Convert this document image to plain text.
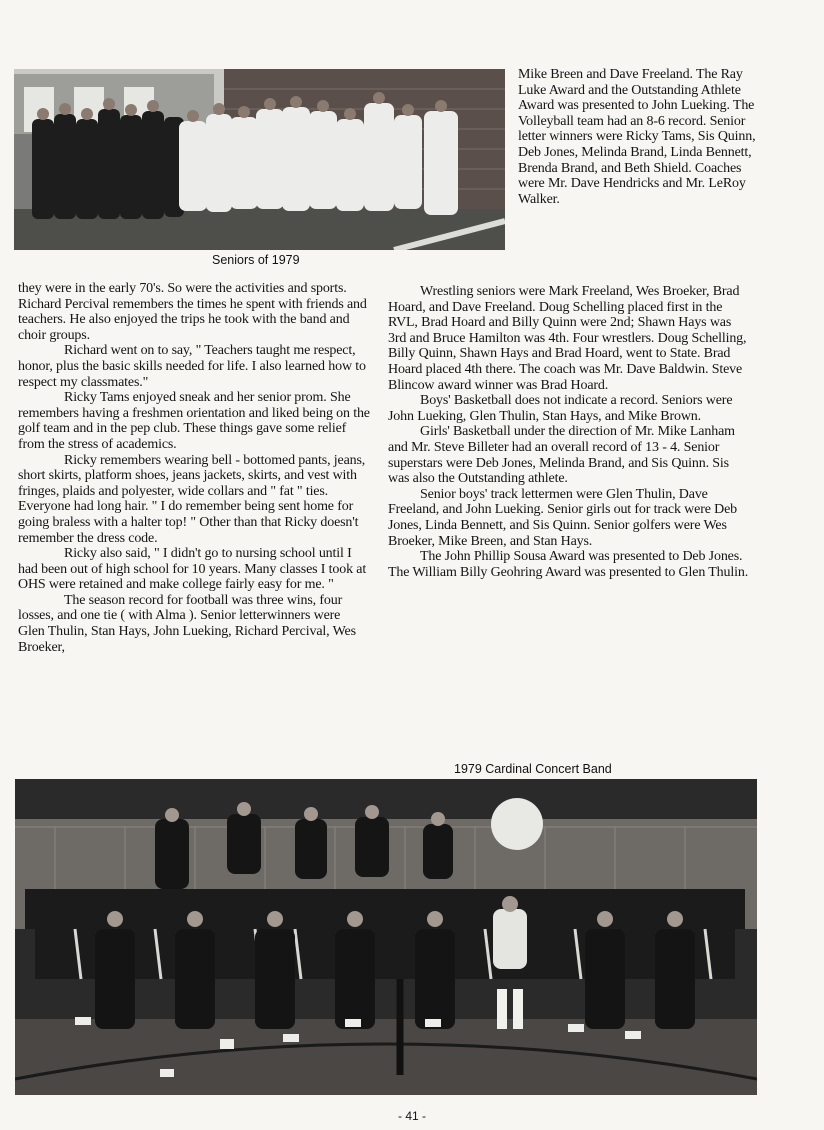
Seniors of 1979

they were in the early 70's. So were the activities and sports. Richard Percival remembers the times he spent with friends and teachers. He also enjoyed the trips he took with the band and choir groups.

Richard went on to say, " Teachers taught me respect, honor, plus the basic skills needed for life. I also learned how to respect my classmates."

Ricky Tams enjoyed sneak and her senior prom. She remembers having a freshmen orientation and liked being on the golf team and in the pep club. These things gave some relief from the stress of academics.

Ricky remembers wearing bell - bottomed pants, jeans, short skirts, platform shoes, jeans jackets, skirts, and vest with fringes, plaids and polyester, wide collars and " fat " ties. Everyone had long hair. " I do remember being sent home for going braless with a halter top! " Other than that Ricky doesn't remember the dress code.

Ricky also said, " I didn't go to nursing school until I had been out of high school for 10 years. Many classes I took at OHS were retained and make college fairly easy for me. "

The season record for football was three wins, four losses, and one tie ( with Alma ). Senior letterwinners were Glen Thulin, Stan Hays, John Lueking, Richard Percival, Wes Broeker,

Mike Breen and Dave Freeland. The Ray Luke Award and the Outstanding Athlete Award was presented to John Lueking. The Volleyball team had an 8-6 record. Senior letter winners were Ricky Tams, Sis Quinn, Deb Jones, Melinda Brand, Linda Bennett, Brenda Brand, and Beth Shield. Coaches were Mr. Dave Hendricks and Mr. LeRoy Walker.

Wrestling seniors were Mark Freeland, Wes Broeker, Brad Hoard, and Dave Freeland. Doug Schelling placed first in the RVL, Brad Hoard and Billy Quinn were 2nd; Shawn Hays was 3rd and Bruce Hamilton was 4th. Four wrestlers. Doug Schelling, Billy Quinn, Shawn Hays and Brad Hoard, went to State. Brad Hoard placed 4th there. The coach was Mr. Dave Baldwin. Steve Blincow award winner was Brad Hoard.

Boys' Basketball does not indicate a record. Seniors were John Lueking, Glen Thulin, Stan Hays, and Mike Brown.

Girls' Basketball under the direction of Mr. Mike Lanham and Mr. Steve Billeter had an overall record of 13 - 4. Senior superstars were Deb Jones, Melinda Brand, and Sis Quinn. Sis was also the Outstanding athlete.

Senior boys' track lettermen were Glen Thulin, Dave Freeland, and John Lueking. Senior girls out for track were Deb Jones, Linda Bennett, and Sis Quinn. Senior golfers were Wes Broeker, Mike Breen, and Stan Hays.

The John Phillip Sousa Award was presented to Deb Jones. The William Billy Geohring Award was presented to Glen Thulin.

1979 Cardinal Concert Band
- 41 -
